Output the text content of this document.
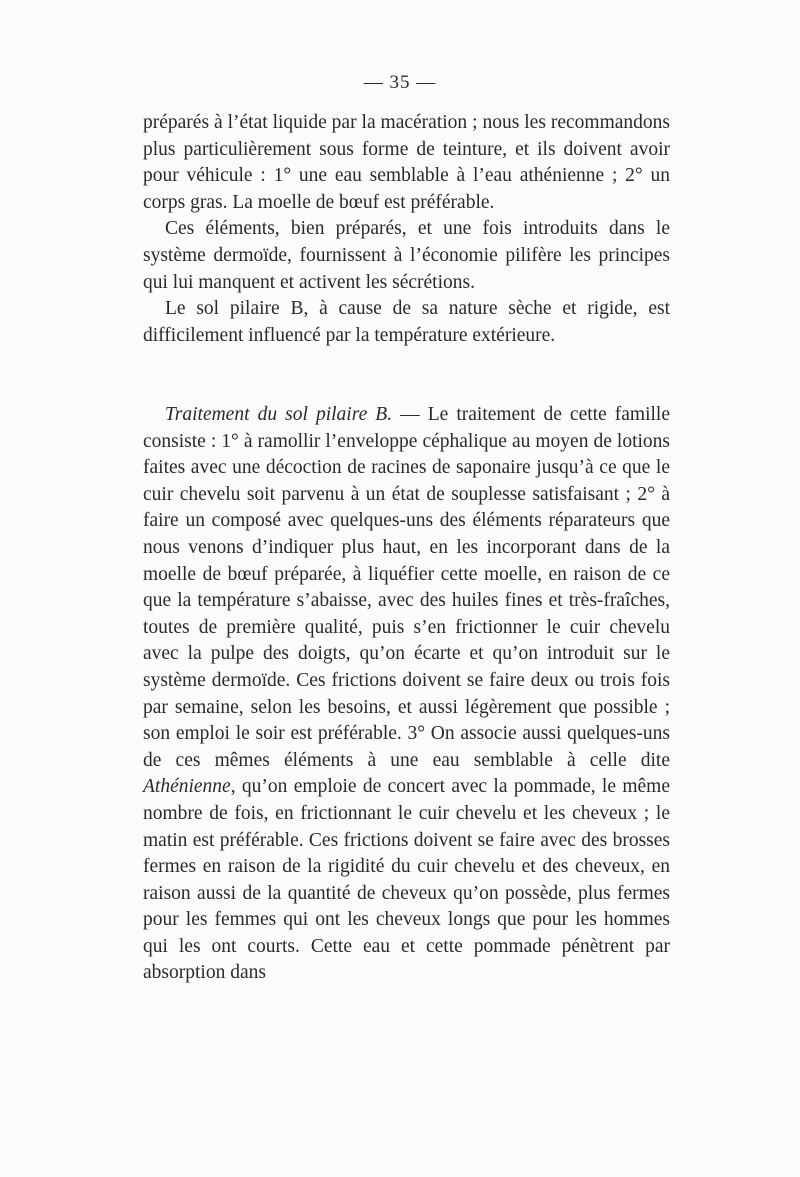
— 35 —

préparés à l’état liquide par la macération ; nous les recommandons plus particulièrement sous forme de teinture, et ils doivent avoir pour véhicule : 1° une eau semblable à l’eau athénienne ; 2° un corps gras. La moelle de bœuf est préférable.

Ces éléments, bien préparés, et une fois introduits dans le système dermoïde, fournissent à l’économie pilifère les principes qui lui manquent et activent les sécrétions.

Le sol pilaire B, à cause de sa nature sèche et rigide, est difficilement influencé par la température extérieure.

Traitement du sol pilaire B. — Le traitement de cette famille consiste : 1° à ramollir l’enveloppe céphalique au moyen de lotions faites avec une décoction de racines de saponaire jusqu’à ce que le cuir chevelu soit parvenu à un état de souplesse satisfaisant ; 2° à faire un composé avec quelques-uns des éléments réparateurs que nous venons d’indiquer plus haut, en les incorporant dans de la moelle de bœuf préparée, à liquéfier cette moelle, en raison de ce que la température s’abaisse, avec des huiles fines et très-fraîches, toutes de première qualité, puis s’en frictionner le cuir chevelu avec la pulpe des doigts, qu’on écarte et qu’on introduit sur le système dermoïde. Ces frictions doivent se faire deux ou trois fois par semaine, selon les besoins, et aussi légèrement que possible ; son emploi le soir est préférable. 3° On associe aussi quelques-uns de ces mêmes éléments à une eau semblable à celle dite Athénienne, qu’on emploie de concert avec la pommade, le même nombre de fois, en frictionnant le cuir chevelu et les cheveux ; le matin est préférable. Ces frictions doivent se faire avec des brosses fermes en raison de la rigidité du cuir chevelu et des cheveux, en raison aussi de la quantité de cheveux qu’on possède, plus fermes pour les femmes qui ont les cheveux longs que pour les hommes qui les ont courts. Cette eau et cette pommade pénètrent par absorption dans
